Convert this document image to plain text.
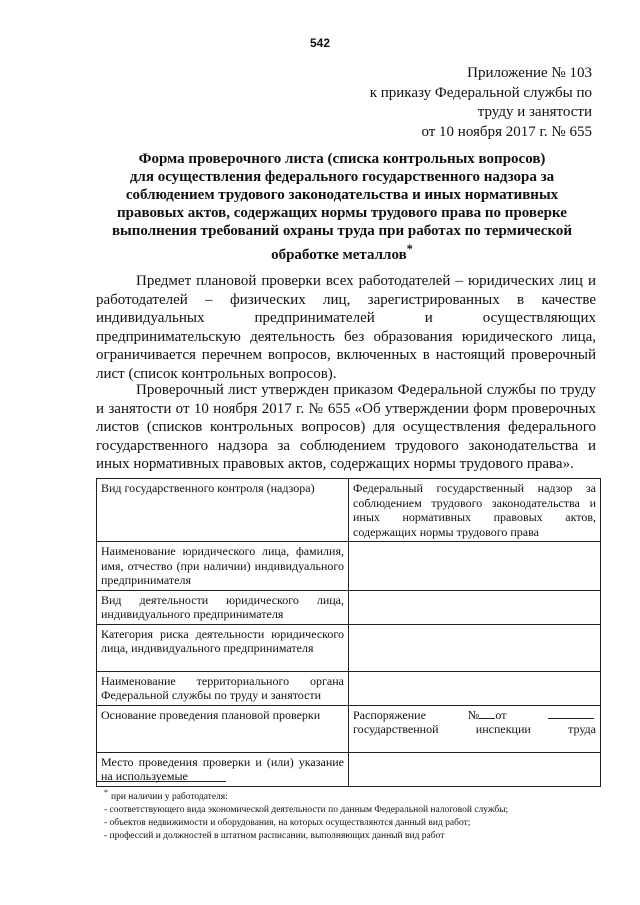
542
Приложение № 103
к приказу Федеральной службы по
труду и занятости
от 10 ноября 2017 г. № 655
Форма проверочного листа (списка контрольных вопросов)
для осуществления федерального государственного надзора за
соблюдением трудового законодательства и иных нормативных
правовых актов, содержащих нормы трудового права по проверке
выполнения требований охраны труда при работах по термической
обработке металлов*

Предмет плановой проверки всех работодателей – юридических лиц и работодателей – физических лиц, зарегистрированных в качестве индивидуальных предпринимателей и осуществляющих предпринимательскую деятельность без образования юридического лица, ограничивается перечнем вопросов, включенных в настоящий проверочный лист (список контрольных вопросов).

Проверочный лист утвержден приказом Федеральной службы по труду и занятости от 10 ноября 2017 г. № 655 «Об утверждении форм проверочных листов (списков контрольных вопросов) для осуществления федерального государственного надзора за соблюдением трудового законодательства и иных нормативных правовых актов, содержащих нормы трудового права».

Вид государственного контроля (надзора)	Федеральный государственный надзор за соблюдением трудового законодательства и иных нормативных правовых актов, содержащих нормы трудового права
Наименование юридического лица, фамилия, имя, отчество (при наличии) индивидуального предпринимателя	
Вид деятельности юридического лица, индивидуального предпринимателя	
Категория риска деятельности юридического лица, индивидуального предпринимателя	
Наименование территориального органа Федеральной службы по труду и занятости	
Основание проведения плановой проверки	Распоряжение № от
государственной инспекции труда

Место проведения проверки и (или) указание на используемые	
* при наличии у работодателя:
- соответствующего вида экономической деятельности по данным Федеральной налоговой службы;
- объектов недвижимости и оборудования, на которых осуществляются данный вид работ;
- профессий и должностей в штатном расписании, выполняющих данный вид работ
